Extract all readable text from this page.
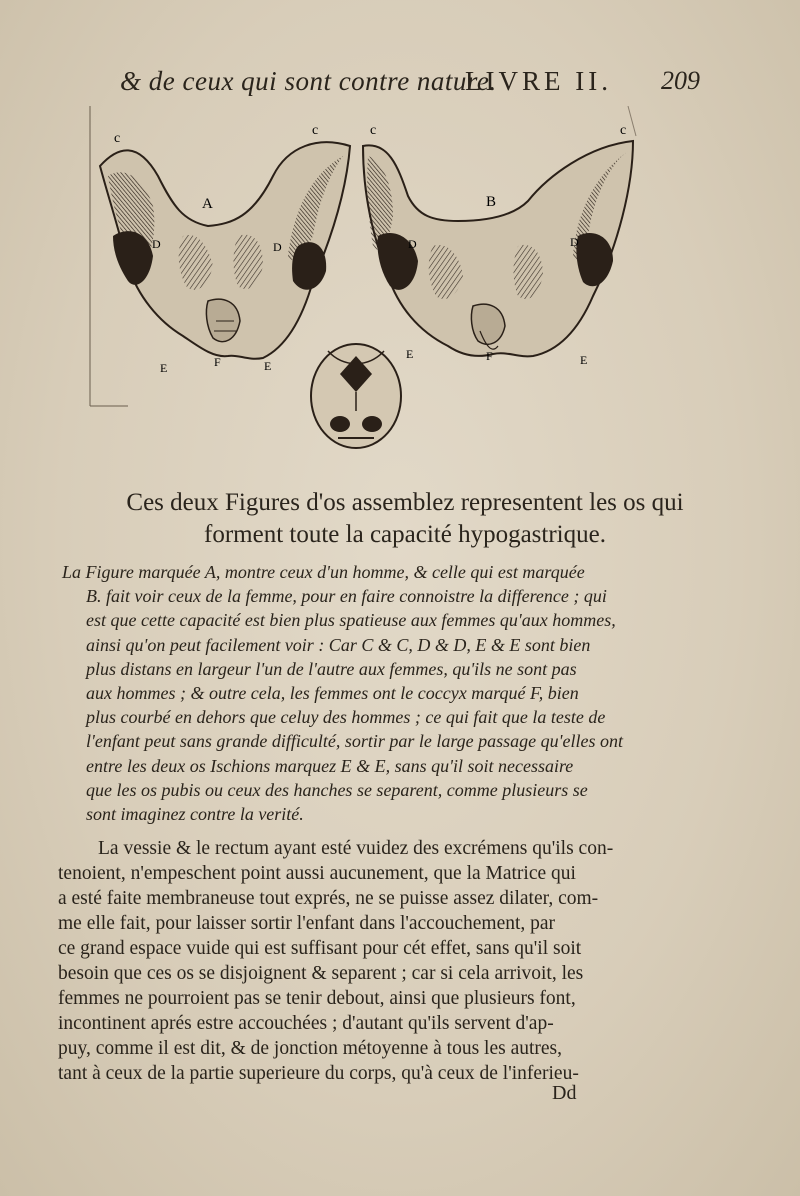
& de ceux qui sont contre nature.
LIVRE II. 209
c
c	c	c
A	B
D	D	D	D
E	F	E
E	F	E
Ces deux Figures d'os assemblez representent les os qui
forment toute la capacité hypogastrique.
La Figure marquée A, montre ceux d'un homme, & celle qui est marquée
B. fait voir ceux de la femme, pour en faire connoistre la difference ; qui
est que cette capacité est bien plus spatieuse aux femmes qu'aux hommes,
ainsi qu'on peut facilement voir : Car C & C, D & D, E & E sont bien
plus distans en largeur l'un de l'autre aux femmes, qu'ils ne sont pas
aux hommes ; & outre cela, les femmes ont le coccyx marqué F, bien
plus courbé en dehors que celuy des hommes ; ce qui fait que la teste de
l'enfant peut sans grande difficulté, sortir par le large passage qu'elles ont
entre les deux os Ischions marquez E & E, sans qu'il soit necessaire
que les os pubis ou ceux des hanches se separent, comme plusieurs se
sont imaginez contre la verité.
La vessie & le rectum ayant esté vuidez des excrémens qu'ils con-
tenoient, n'empeschent point aussi aucunement, que la Matrice qui
a esté faite membraneuse tout exprés, ne se puisse assez dilater, com-
me elle fait, pour laisser sortir l'enfant dans l'accouchement, par
ce grand espace vuide qui est suffisant pour cét effet, sans qu'il soit
besoin que ces os se disjoignent & separent ; car si cela arrivoit, les
femmes ne pourroient pas se tenir debout, ainsi que plusieurs font,
incontinent aprés estre accouchées ; d'autant qu'ils servent d'ap-
puy, comme il est dit, & de jonction métoyenne à tous les autres,
tant à ceux de la partie superieure du corps, qu'à ceux de l'inferieu-
Dd
